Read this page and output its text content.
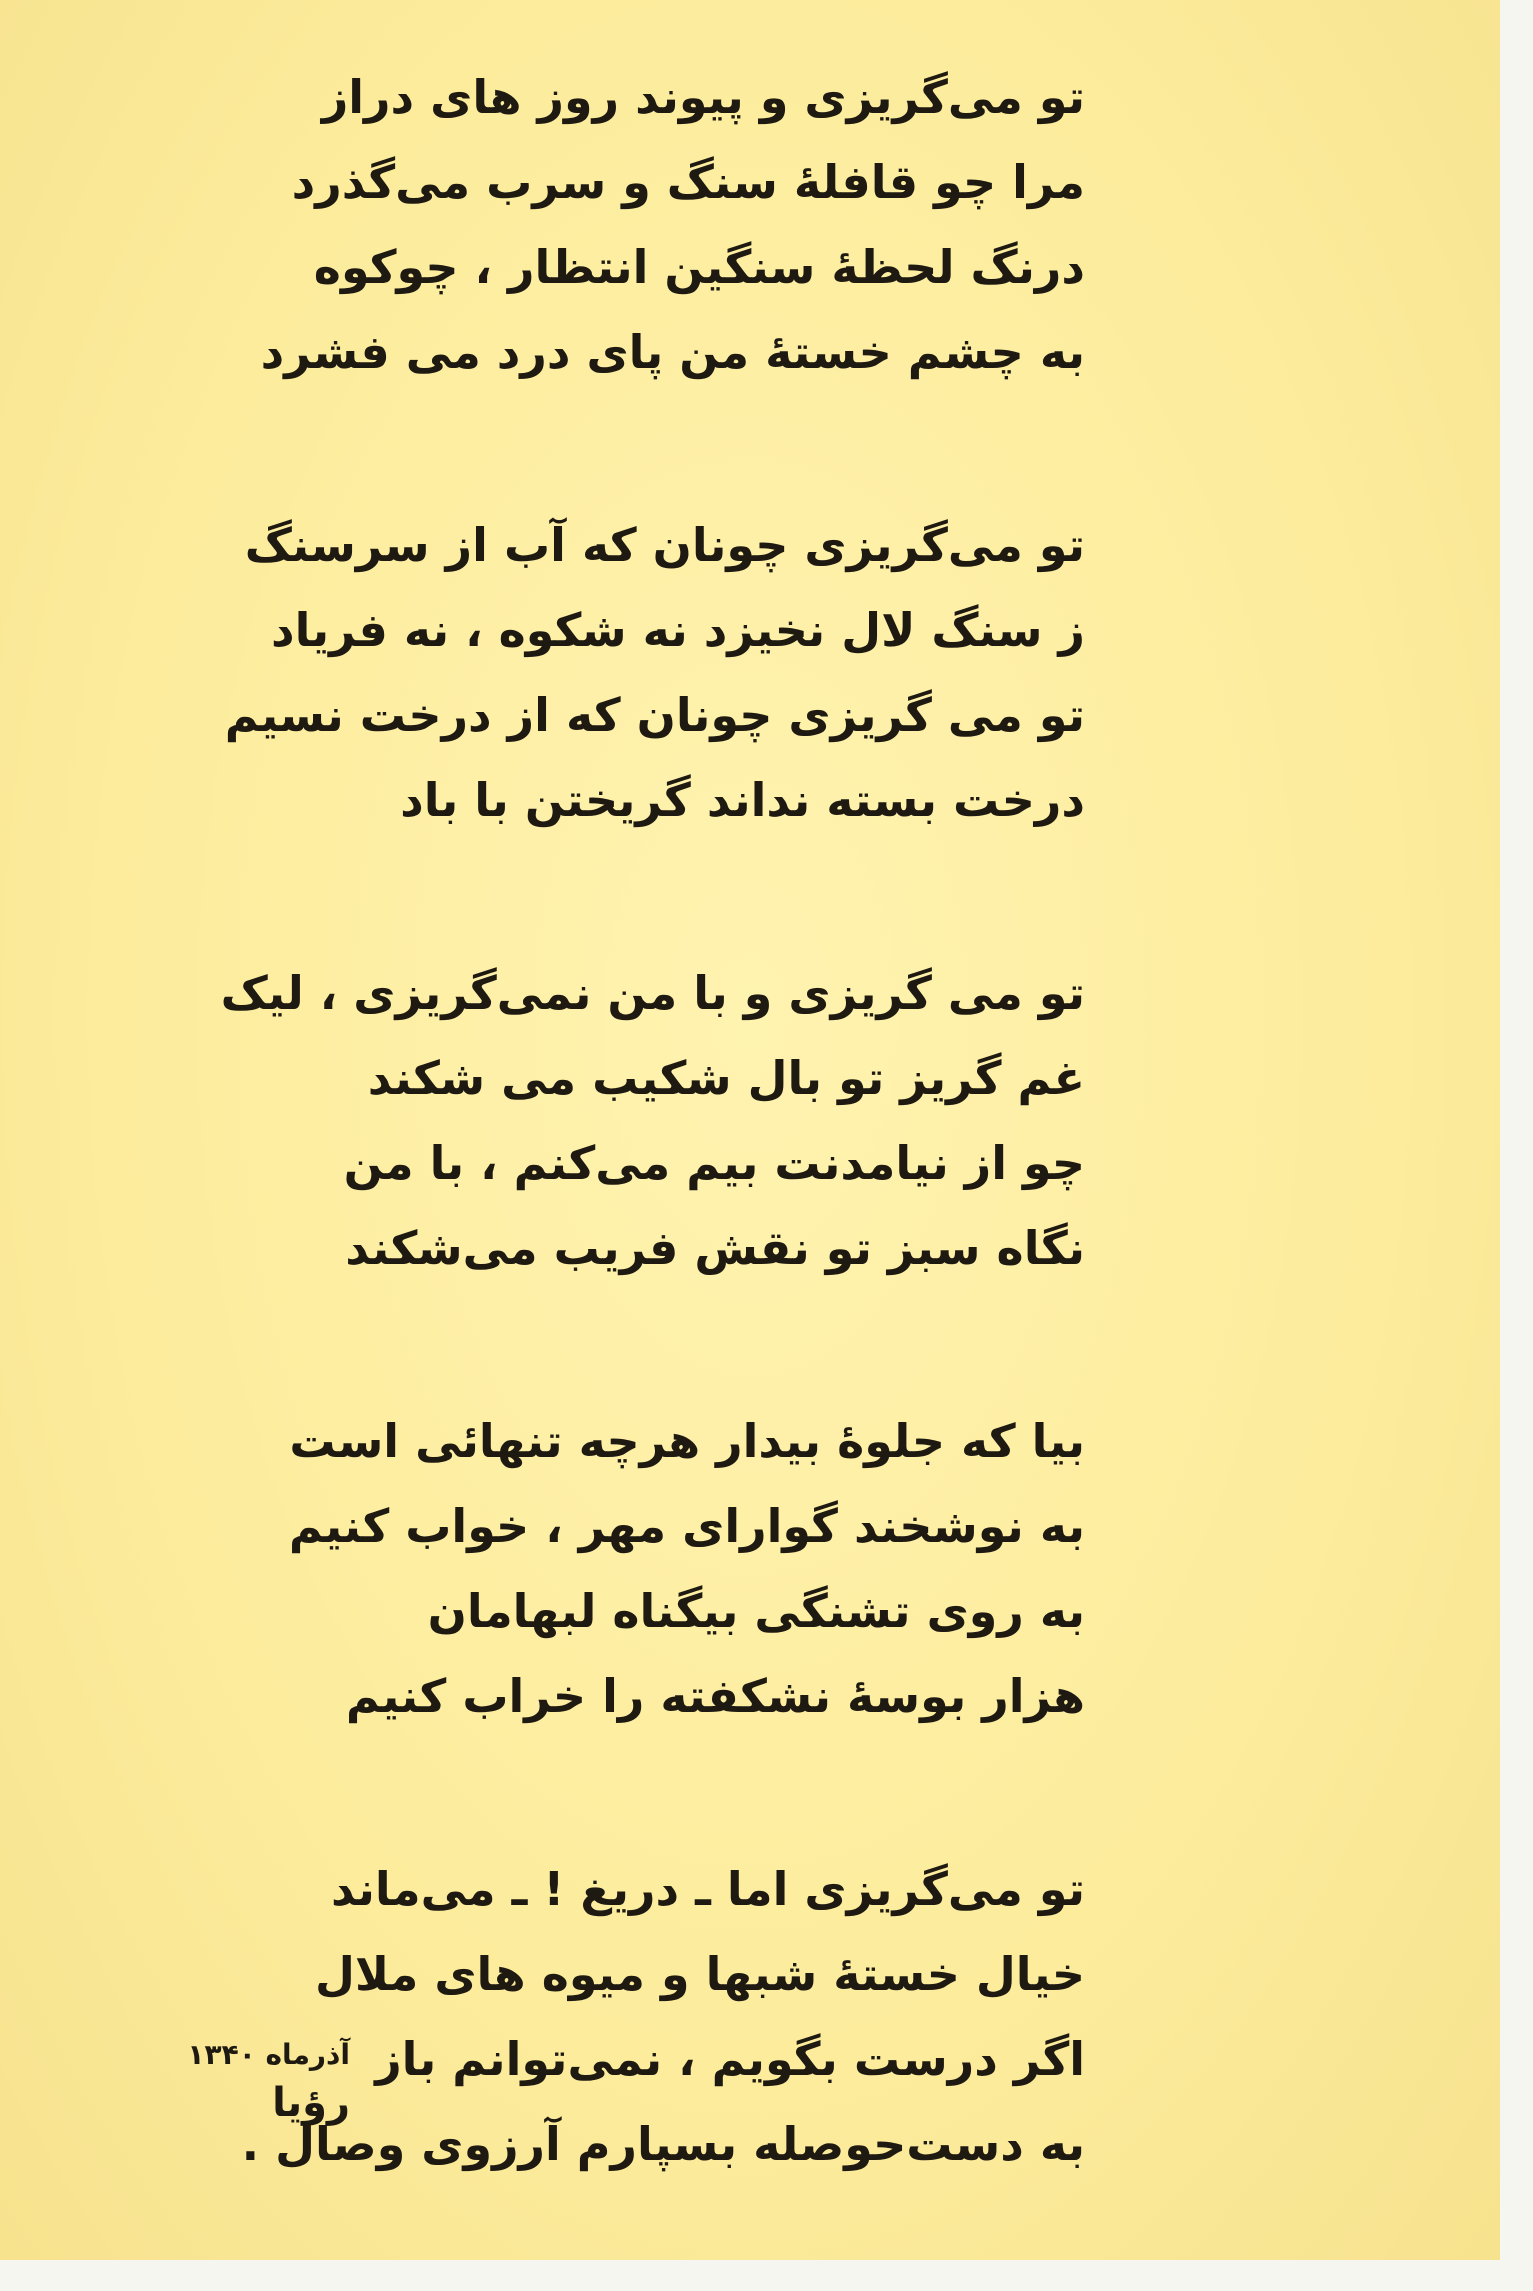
تو می‌گریزی و پیوند روز های دراز
مرا چو قافلهٔ سنگ و سرب می‌گذرد
درنگ لحظهٔ سنگین انتظار ، چوکوه
به چشم خستهٔ من پای درد می فشرد
تو می‌گریزی چونان که آب از سرسنگ
ز سنگ لال نخیزد نه شکوه ، نه فریاد
تو می گریزی چونان که از درخت نسیم
درخت بسته نداند گریختن با باد
تو می گریزی و با من نمی‌گریزی ، لیک
غم گریز تو بال شکیب می شکند
چو از نیامدنت بیم می‌کنم ، با من
نگاه سبز تو نقش فریب می‌شکند
بیا که جلوهٔ بیدار هرچه تنهائی است
به نوشخند گوارای مهر ، خواب کنیم
به روی تشنگی بیگناه لبهامان
هزار بوسهٔ نشکفته را خراب کنیم
تو می‌گریزی اما ـ دریغ ! ـ می‌ماند
خیال خستهٔ شبها و میوه های ملال
اگر درست بگویم ، نمی‌توانم باز
به دست‌حوصله بسپارم آرزوی وصال .
آذرماه ۱۳۴۰
رؤیا
